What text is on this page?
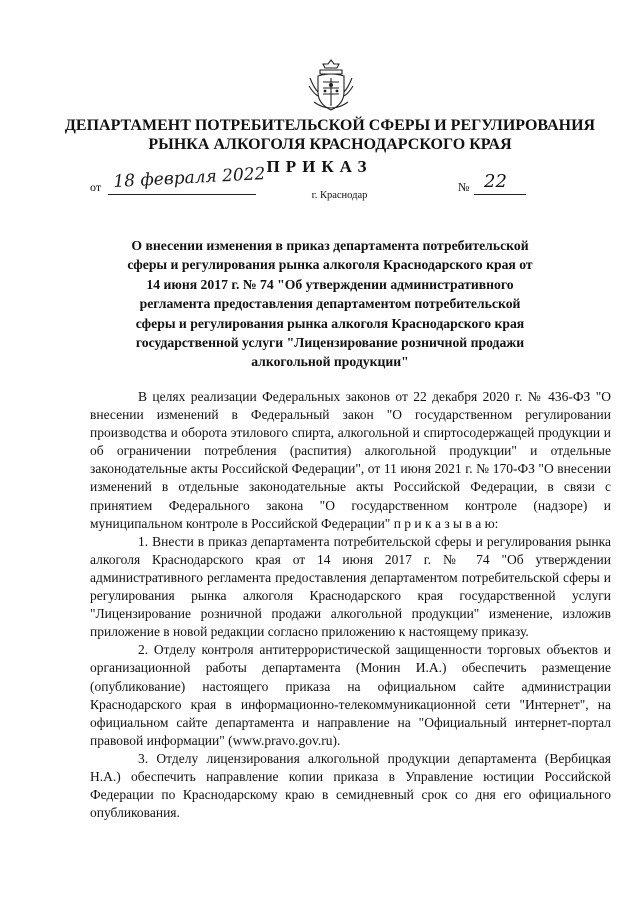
ДЕПАРТАМЕНТ ПОТРЕБИТЕЛЬСКОЙ СФЕРЫ И РЕГУЛИРОВАНИЯ
РЫНКА АЛКОГОЛЯ КРАСНОДАРСКОГО КРАЯ
ПРИКАЗ
от 18 февраля 2022	№ 22
г. Краснодар
О внесении изменения в приказ департамента потребительской сферы и регулирования рынка алкоголя Краснодарского края от 14 июня 2017 г. № 74 "Об утверждении административного регламента предоставления департаментом потребительской сферы и регулирования рынка алкоголя Краснодарского края государственной услуги "Лицензирование розничной продажи алкогольной продукции"

В целях реализации Федеральных законов от 22 декабря 2020 г. № 436-ФЗ "О внесении изменений в Федеральный закон "О государственном регулировании производства и оборота этилового спирта, алкогольной и спиртосодержащей продукции и об ограничении потребления (распития) алкогольной продукции" и отдельные законодательные акты Российской Федерации", от 11 июня 2021 г. № 170-ФЗ "О внесении изменений в отдельные законодательные акты Российской Федерации, в связи с принятием Федерального закона "О государственном контроле (надзоре) и муниципальном контроле в Российской Федерации" п р и к а з ы в а ю:

1. Внести в приказ департамента потребительской сферы и регулирования рынка алкоголя Краснодарского края от 14 июня 2017 г. № 74 "Об утверждении административного регламента предоставления департаментом потребительской сферы и регулирования рынка алкоголя Краснодарского края государственной услуги "Лицензирование розничной продажи алкогольной продукции" изменение, изложив приложение в новой редакции согласно приложению к настоящему приказу.

2. Отделу контроля антитеррористической защищенности торговых объектов и организационной работы департамента (Монин И.А.) обеспечить размещение (опубликование) настоящего приказа на официальном сайте администрации Краснодарского края в информационно-телекоммуникационной сети "Интернет", на официальном сайте департамента и направление на "Официальный интернет-портал правовой информации" (www.pravo.gov.ru).

3. Отделу лицензирования алкогольной продукции департамента (Вербицкая Н.А.) обеспечить направление копии приказа в Управление юстиции Российской Федерации по Краснодарскому краю в семидневный срок со дня его официального опубликования.
